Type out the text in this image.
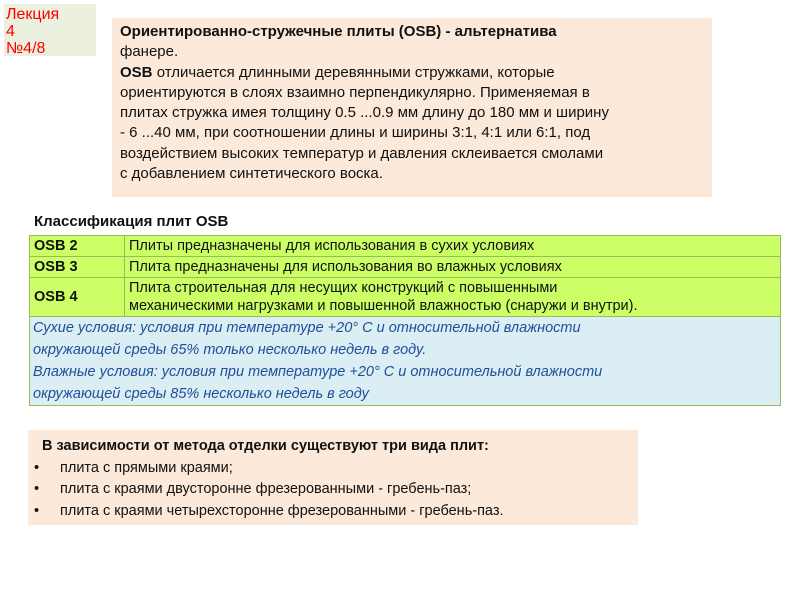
Лекция
4
№4/8
Ориентированно-стружечные плиты (OSB) - альтернатива
фанере.
OSB отличается длинными деревянными стружками, которые
ориентируются в слоях взаимно перпендикулярно. Применяемая в
плитах стружка имея толщину 0.5 ...0.9 мм длину до 180 мм и ширину
- 6 ...40 мм, при соотношении длины и ширины 3:1, 4:1 или 6:1, под
воздействием высоких температур и давления склеивается смолами
с добавлением синтетического воска.
Классификация плит OSB
OSB 2	Плиты предназначены для использования в сухих условиях
OSB 3	Плита предназначены для использования во влажных условиях
OSB 4	Плита строительная для несущих конструкций с повышенными
механическими нагрузками и повышенной влажностью (снаружи и внутри).

Сухие условия: условия при температуре +20° С и относительной влажности
окружающей среды 65% только несколько недель в году.
Влажные условия: условия при температуре +20° С и относительной влажности
окружающей среды 85% несколько недель в году	
В зависимости от метода отделки существуют три вида плит:
• плита с прямыми краями;
• плита с краями двусторонне фрезерованными - гребень-паз;
• плита с краями четырехсторонне фрезерованными - гребень-паз.
